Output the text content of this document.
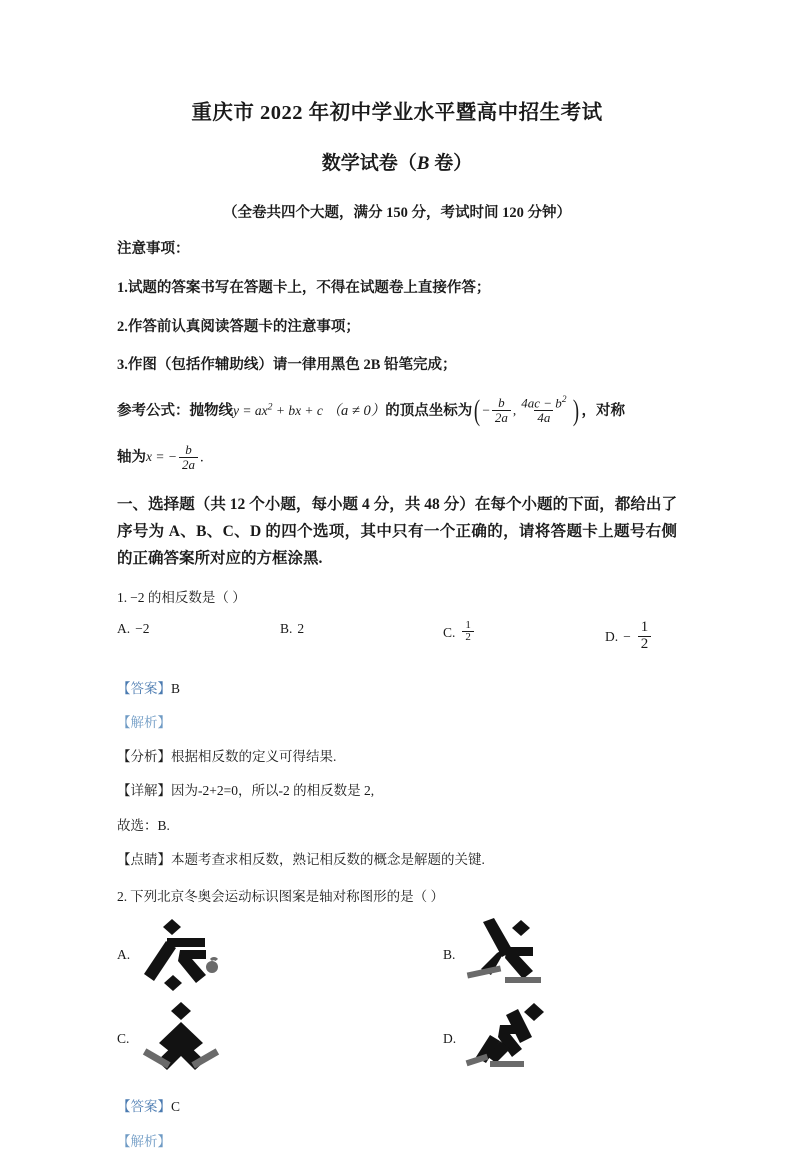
重庆市 2022 年初中学业水平暨高中招生考试
数学试卷（B 卷）
（全卷共四个大题，满分 150 分，考试时间 120 分钟）
注意事项：
1.试题的答案书写在答题卡上，不得在试题卷上直接作答；
2.作答前认真阅读答题卡的注意事项；
3.作图（包括作辅助线）请一律用黑色 2B 铅笔完成；
参考公式：抛物线$y = ax^2$ + bx + c （a ≠ 0）的顶点坐标为 ( − $\frac{b}{2a}$ , $\frac{4ac - b^2}{4a}$ ) ，对称
轴为x = − $\frac{b}{2a}$ .
一、选择题（共 12 个小题，每小题 4 分，共 48 分）在每个小题的下面，都给出了序号为 A、B、C、D 的四个选项，其中只有一个正确的，请将答题卡上题号右侧的正确答案所对应的方框涂黑.
1. −2 的相反数是（ ）
A. −2	B. 2	C. $\frac{1}{2}$	D. − $\frac{1}{2}$
【答案】B
【解析】
【分析】根据相反数的定义可得结果.
【详解】因为-2+2=0，所以-2 的相反数是 2,
故选：B.
【点睛】本题考查求相反数，熟记相反数的概念是解题的关键.
2. 下列北京冬奥会运动标识图案是轴对称图形的是（ ）
A.	B.
C.	D.
【答案】C
【解析】
